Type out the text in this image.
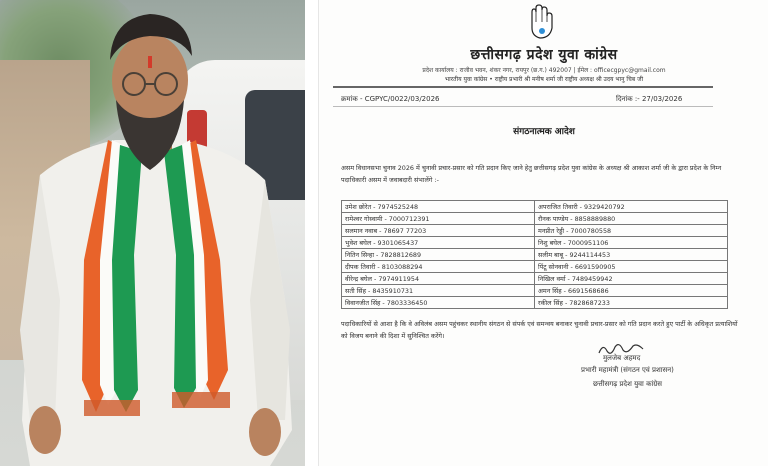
छत्तीसगढ़ प्रदेश युवा कांग्रेस
प्रदेश कार्यालय : राजीव भवन, शंकर नगर, रायपुर (छ.ग.) 492007 | ईमेल : officecgpyc@gmail.com
भारतीय युवा कांग्रेस • राष्ट्रीय प्रभारी श्री मनीष शर्मा जी राष्ट्रीय अध्यक्ष श्री उदय भानु चिब जी
क्रमांक - CGPYC/0022/03/2026	दिनांक :- 27/03/2026
संगठनात्मक आदेश
असम विधानसभा चुनाव 2026 में चुनावी प्रचार-प्रसार को गति प्रदान किए जाने हेतु छत्तीसगढ़ प्रदेश युवा कांग्रेस के अध्यक्ष श्री आकाश शर्मा जी के द्वारा प्रदेश के निम्न पदाधिकारी असम में जवाबदारी संभालेंगे :-
उमेश छोरेत - 7974525248	अपराजित तिवारी - 9329420792
रामेश्वर गोस्वामी - 7000712391	रौनक पाण्डेय - 8858889880
सलमान नवाब - 78697 77203	मनप्रीत रेड्डी - 7000780558
भुवेश बघेल - 9301065437	निशु बघेल - 7000951106
नितिन सिन्हा - 7828812689	सलीम बाबू - 9244114453
दीपक तिवारी - 8103088294	पिंटू सोनवानी - 6691590905
वीरेन्द्र बघेल - 7974911954	निखिल वर्मा - 7489459942
सती सिंह - 8435910731	अमन सिंह - 6691568686
विवानजीत सिंह - 7803336450	रकील सिंह - 7828687233
पदाधिकारियों से आशा है कि वे अविलंब असम पहुंचकर स्थानीय संगठन से संपर्क एवं समन्वय बनाकर चुनावी प्रचार-प्रसार को गति प्रदान करते हुए पार्टी के अधिकृत प्रत्याशियों को विजय बनाने की दिशा में सुनिश्चित करेंगे।
मुलजेब अहमद
प्रभारी महामंत्री (संगठन एवं प्रशासन)
छत्तीसगढ़ प्रदेश युवा कांग्रेस
